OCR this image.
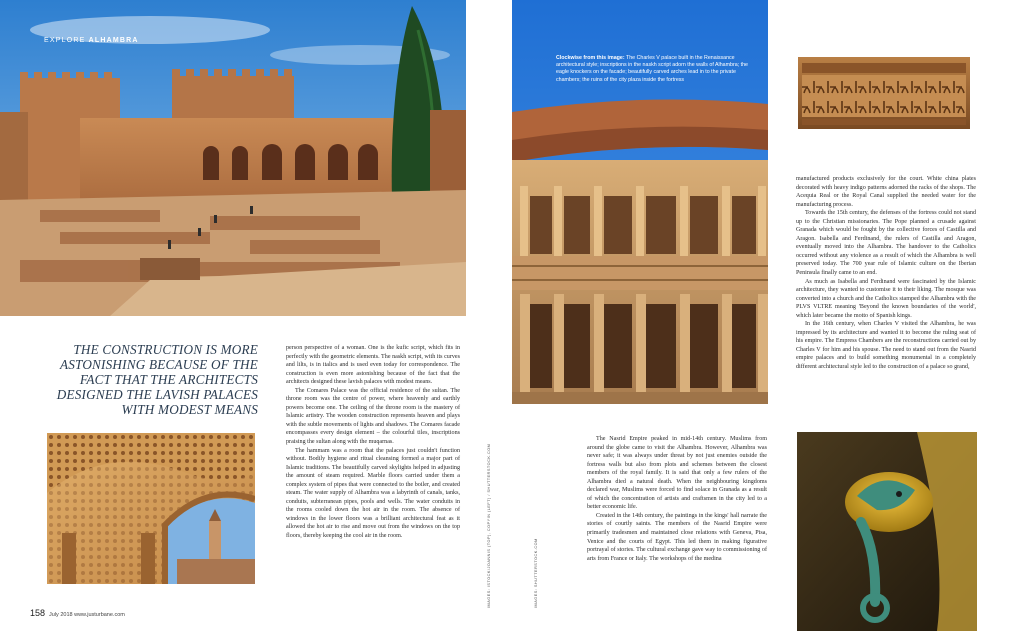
EXPLORE ALHAMBRA
THE CONSTRUCTION IS MORE ASTONISHING BECAUSE OF THE FACT THAT THE ARCHITECTS DESIGNED THE LAVISH PALACES WITH MODEST MEANS

person perspective of a woman. One is the kufic script, which fits in perfectly with the geometric elements. The naskh script, with its curves and lilts, is in italics and is used even today for correspondence. The construction is even more astonishing because of the fact that the architects designed these lavish palaces with modest means.

The Comares Palace was the official residence of the sultan. The throne room was the centre of power, where heavenly and earthly powers become one. The ceiling of the throne room is the mastery of Islamic artistry. The wooden construction represents heaven and plays with the subtle movements of lights and shadows. The Comares facade encompasses every design element – the colourful tiles, inscriptions praising the sultan along with the muqarnas.

The hammam was a room that the palaces just couldn't function without. Bodily hygiene and ritual cleansing formed a major part of Islamic traditions. The beautifully carved skylights helped in adjusting the amount of steam required. Marble floors carried under them a complex system of pipes that were connected to the boiler, and created steam. The water supply of Alhambra was a labyrinth of canals, tanks, conduits, subterranean pipes, pools and wells. The water conduits in the rooms cooled down the hot air in the room. The absence of windows in the lower floors was a brilliant architectural feat as it allowed the hot air to rise and move out from the windows on the top floors, thereby keeping the cool air in the room.

158 July 2018 www.justurbane.com
IMAGES: ISTOCK/JOANNIS (TOP), COPYIN (LEFT) / SHUTTERSTOCK.COM	IMAGES: SHUTTERSTOCK.COM
Clockwise from this image: The Charles V palace built in the Renaissance architectural style; inscriptions in the naskh script adorn the walls of Alhambra; the eagle knockers on the facade; beautifully carved arches lead in to the private chambers; the ruins of the city plaza inside the fortress

The Nasrid Empire peaked in mid-14th century. Muslims from around the globe came to visit the Alhambra. However, Alhambra was never safe; it was always under threat by not just enemies outside the fortress walls but also from plots and schemes between the closest members of the royal family. It is said that only a few rulers of the Alhambra died a natural death. When the neighbouring kingdoms declared war, Muslims were forced to find solace in Granada as a result of which the concentration of artists and craftsmen in the city led to a better economic life.

Created in the 14th century, the paintings in the kings' hall narrate the stories of courtly saints. The members of the Nasrid Empire were primarily tradesmen and maintained close relations with Geneva, Pisa, Venice and the courts of Egypt. This led them in making figurative portrayal of stories. The cultural exchange gave way to commissioning of arts from France or Italy. The workshops of the medina

manufactured products exclusively for the court. White china plates decorated with heavy indigo patterns adorned the racks of the shops. The Acequia Real or the Royal Canal supplied the needed water for the manufacturing process.

Towards the 15th century, the defenses of the fortress could not stand up to the Christian missionaries. The Pope planned a crusade against Granada which would be fought by the collective forces of Castilla and Aragon. Isabella and Ferdinand, the rulers of Castilla and Aragon, eventually moved into the Alhambra. The handover to the Catholics occurred without any violence as a result of which the Alhambra is well preserved today. The 700 year rule of Islamic culture on the Iberian Peninsula finally came to an end.

As much as Isabella and Ferdinand were fascinated by the Islamic architecture, they wanted to customise it to their liking. The mosque was converted into a church and the Catholics stamped the Alhambra with the PLVS VLTRE meaning 'Beyond the known boundaries of the world', which later became the motto of Spanish kings.

In the 16th century, when Charles V visited the Alhambra, he was impressed by its architecture and wanted it to become the ruling seat of his empire. The Empress Chambers are the reconstructions carried out by Charles V for him and his spouse. The need to stand out from the Nasrid empire palaces and to build something monumental in a completely different architectural style led to the construction of a palace so grand,
